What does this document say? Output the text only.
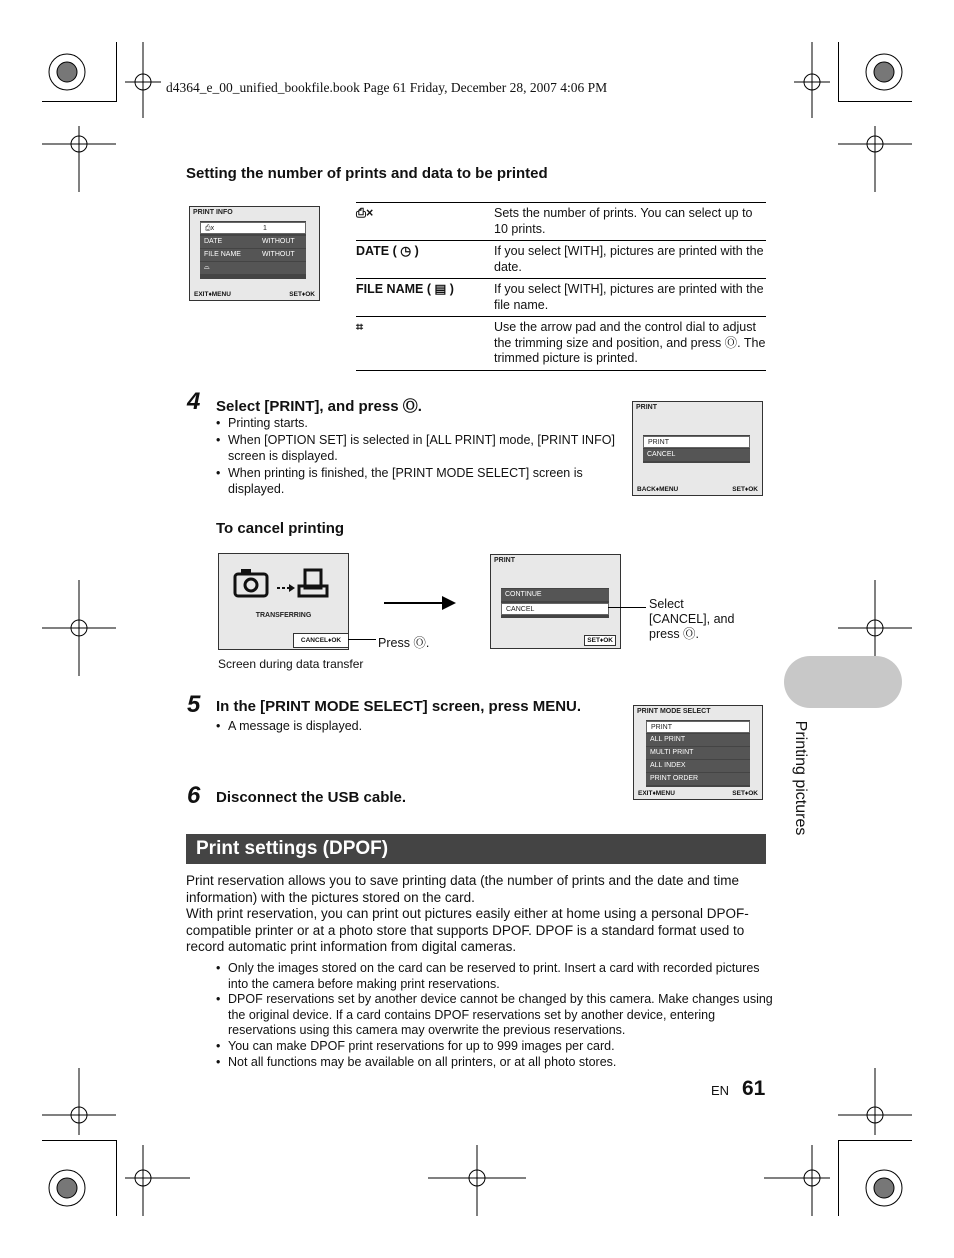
d4364_e_00_unified_bookfile.book Page 61 Friday, December 28, 2007 4:06 PM
Setting the number of prints and data to be printed
PRINT INFO
⎙x	1
DATE	WITHOUT
FILE NAME	WITHOUT
⌓
EXIT♦MENU	SET♦OK
⎙×	Sets the number of prints. You can select up to 10 prints.
DATE ( ◷ )	If you select [WITH], pictures are printed with the date.
FILE NAME ( ▤ )	If you select [WITH], pictures are printed with the file name.
⌗	Use the arrow pad and the control dial to adjust the trimming size and position, and press Ⓞ. The trimmed picture is printed.
4 Select [PRINT], and press Ⓞ.
• Printing starts.
• When [OPTION SET] is selected in [ALL PRINT] mode, [PRINT INFO] screen is displayed.
• When printing is finished, the [PRINT MODE SELECT] screen is displayed.
PRINT
PRINT
CANCEL
BACK♦MENU	SET♦OK
To cancel printing
TRANSFERRING
CANCEL♦OK
Screen during data transfer
Press Ⓞ.
PRINT
CONTINUE
CANCEL
SET♦OK
Select [CANCEL], and press Ⓞ.
5 In the [PRINT MODE SELECT] screen, press MENU.
• A message is displayed.
PRINT MODE SELECT
PRINT
ALL PRINT
MULTI PRINT
ALL INDEX
PRINT ORDER
EXIT♦MENU	SET♦OK
6 Disconnect the USB cable.
Print settings (DPOF)
Print reservation allows you to save printing data (the number of prints and the date and time information) with the pictures stored on the card.
With print reservation, you can print out pictures easily either at home using a personal DPOF-compatible printer or at a photo store that supports DPOF. DPOF is a standard format used to record automatic print information from digital cameras.
• Only the images stored on the card can be reserved to print. Insert a card with recorded pictures into the camera before making print reservations.
• DPOF reservations set by another device cannot be changed by this camera. Make changes using the original device. If a card contains DPOF reservations set by another device, entering reservations using this camera may overwrite the previous reservations.
• You can make DPOF print reservations for up to 999 images per card.
• Not all functions may be available on all printers, or at all photo stores.
Printing pictures
EN 61
